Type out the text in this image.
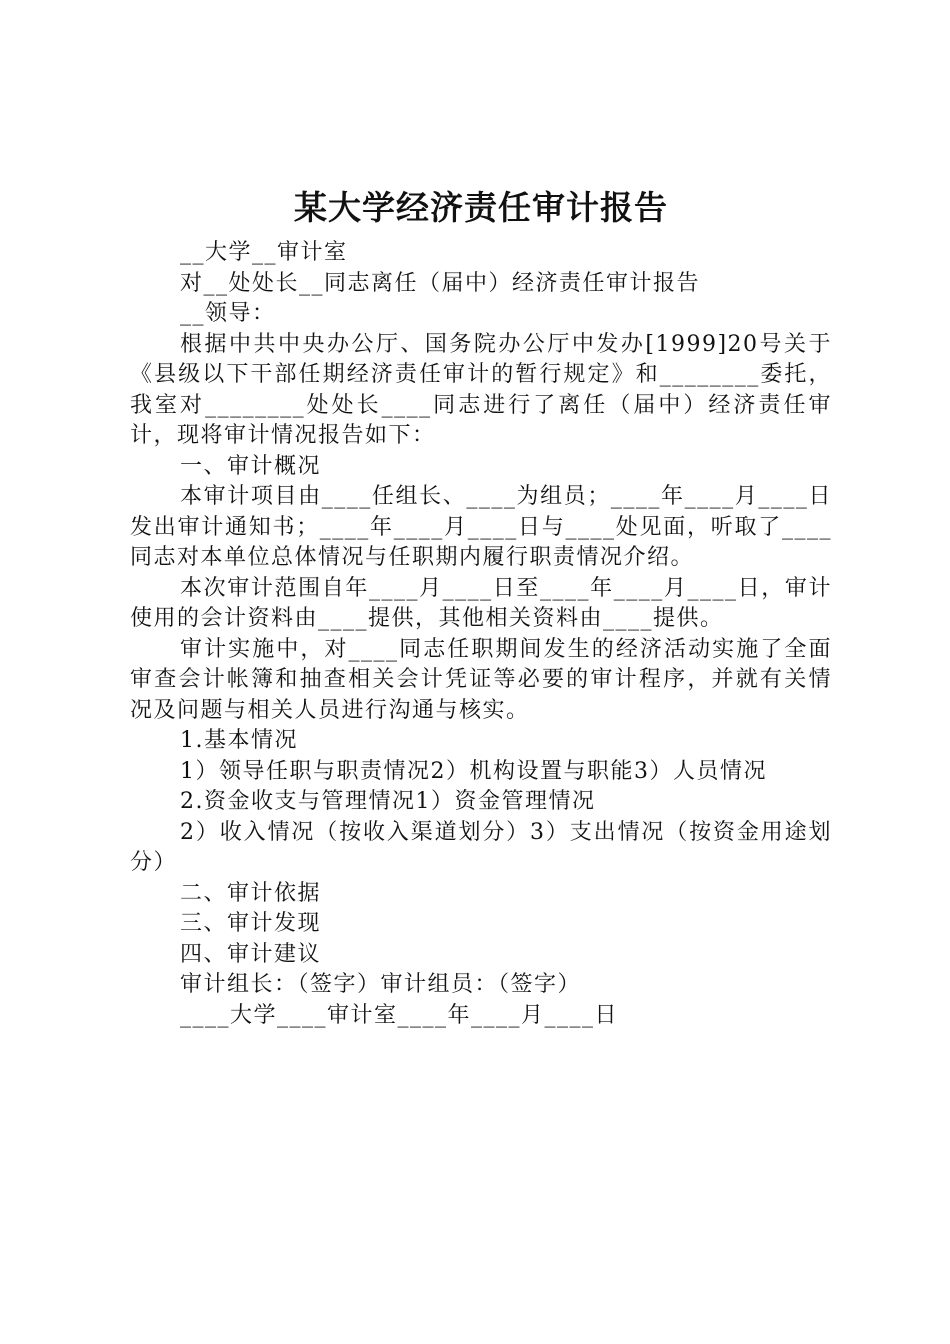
某大学经济责任审计报告

__大学__审计室

对__处处长__同志离任（届中）经济责任审计报告

__领导：

根据中共中央办公厅、国务院办公厅中发办[1999]20号关于《县级以下干部任期经济责任审计的暂行规定》和________委托，我室对________处处长____同志进行了离任（届中）经济责任审计，现将审计情况报告如下：

一、审计概况

本审计项目由____任组长、____为组员；____年____月____日发出审计通知书；____年____月____日与____处见面，听取了____同志对本单位总体情况与任职期内履行职责情况介绍。

本次审计范围自年____月____日至____年____月____日，审计使用的会计资料由____提供，其他相关资料由____提供。

审计实施中，对____同志任职期间发生的经济活动实施了全面审查会计帐簿和抽查相关会计凭证等必要的审计程序，并就有关情况及问题与相关人员进行沟通与核实。

1.基本情况

1）领导任职与职责情况2）机构设置与职能3）人员情况

2.资金收支与管理情况1）资金管理情况

2）收入情况（按收入渠道划分）3）支出情况（按资金用途划分）

二、审计依据

三、审计发现

四、审计建议

审计组长：（签字）审计组员：（签字）

____大学____审计室____年____月____日
